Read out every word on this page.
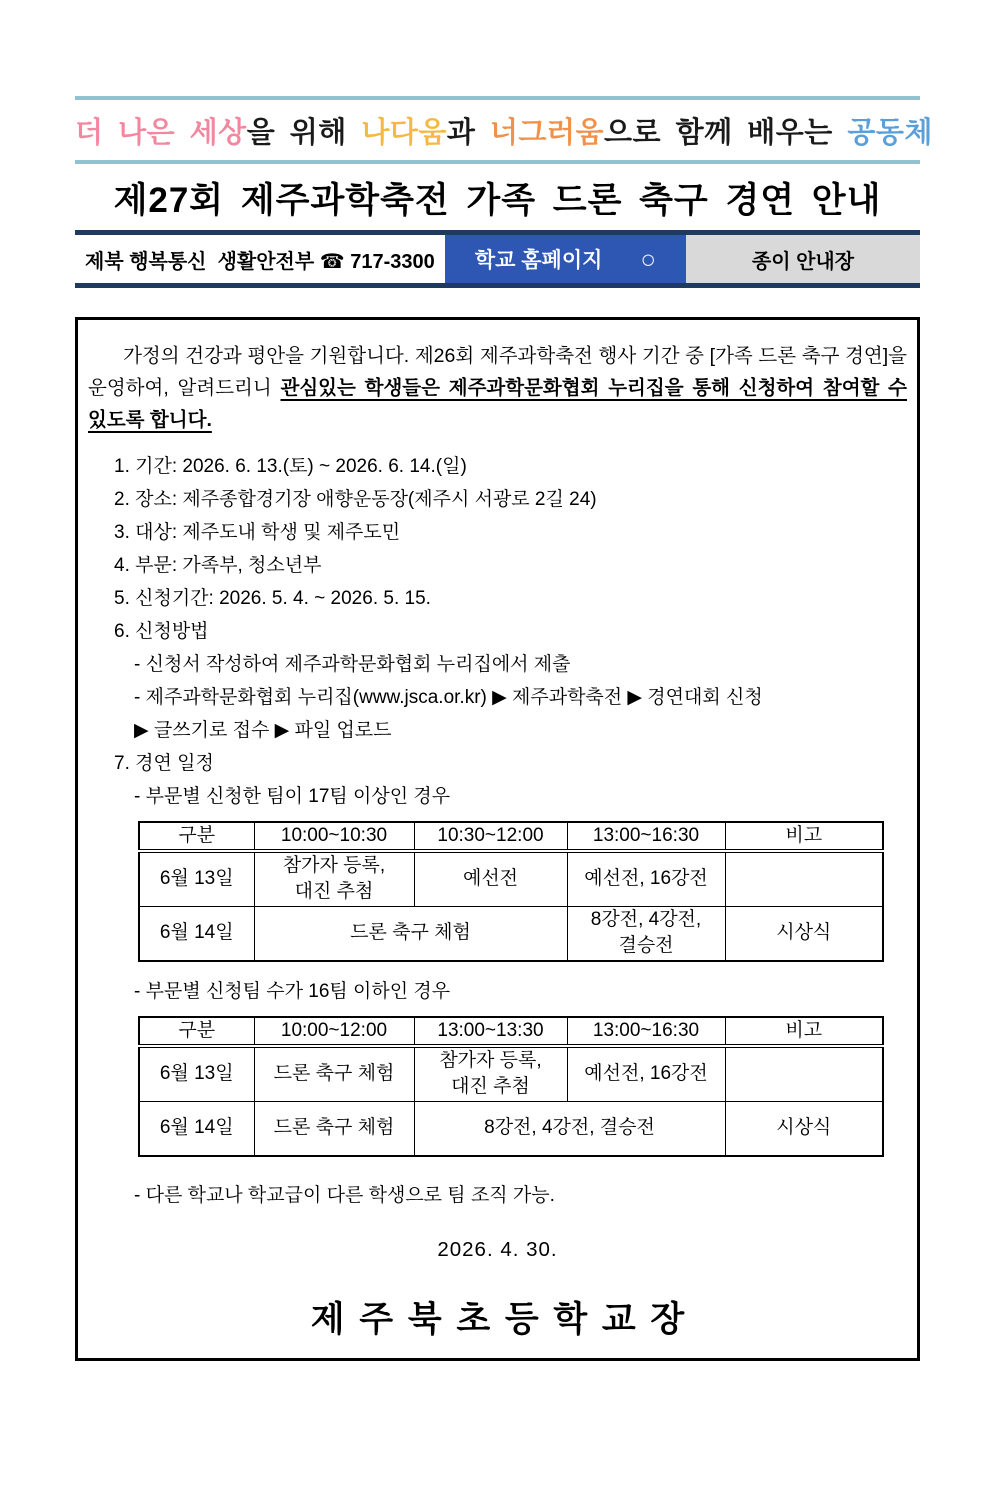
더 나은 세상을 위해 나다움과 너그러움으로 함께 배우는 공동체
제27회 제주과학축전 가족 드론 축구 경연 안내
제북 행복통신  생활안전부 ☎ 717-3300	학교 홈페이지 ○	종이 안내장

가정의 건강과 평안을 기원합니다. 제26회 제주과학축전 행사 기간 중 [가족 드론 축구 경연]을 운영하여, 알려드리니 관심있는 학생들은 제주과학문화협회 누리집을 통해 신청하여 참여할 수 있도록 합니다.

1. 기간: 2026. 6. 13.(토) ~ 2026. 6. 14.(일)

2. 장소: 제주종합경기장 애향운동장(제주시 서광로 2길 24)

3. 대상: 제주도내 학생 및 제주도민

4. 부문: 가족부, 청소년부

5. 신청기간: 2026. 5. 4. ~ 2026. 5. 15.

6. 신청방법

- 신청서 작성하여 제주과학문화협회 누리집에서 제출

- 제주과학문화협회 누리집(www.jsca.or.kr) ▶ 제주과학축전 ▶ 경연대회 신청

▶ 글쓰기로 접수 ▶ 파일 업로드

7. 경연 일정

- 부문별 신청한 팀이 17팀 이상인 경우

구분	10:00~10:30	10:30~12:00	13:00~16:30	비고
6월 13일	참가자 등록,
대진 추첨	예선전	예선전, 16강전	
6월 14일	드론 축구 체험		8강전, 4강전,
결승전	시상식

- 부문별 신청팀 수가 16팀 이하인 경우

구분	10:00~12:00	13:00~13:30	13:00~16:30	비고
6월 13일	드론 축구 체험	참가자 등록,
대진 추첨	예선전, 16강전	
6월 14일	드론 축구 체험	8강전, 4강전, 결승전		시상식

- 다른 학교나 학교급이 다른 학생으로 팀 조직 가능.

2026. 4. 30.

제주북초등학교장
